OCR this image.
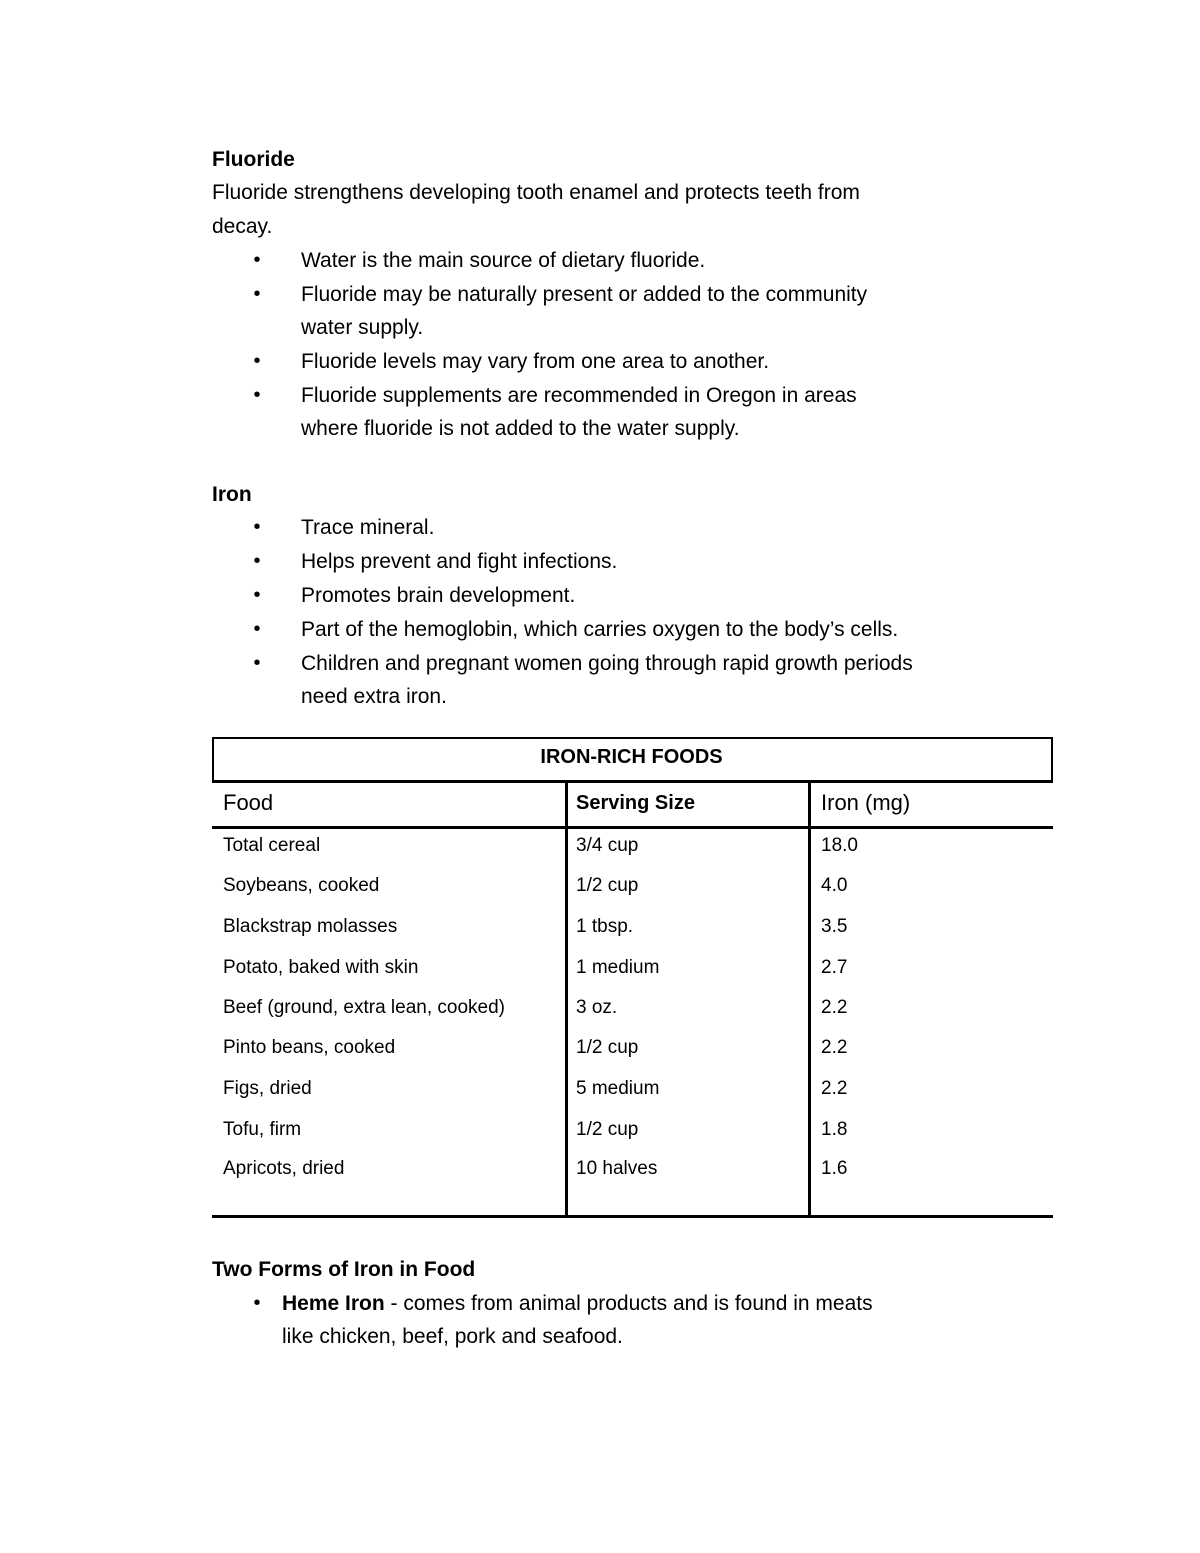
Fluoride
Fluoride strengthens developing tooth enamel and protects teeth from
decay.
• Water is the main source of dietary fluoride.
• Fluoride may be naturally present or added to the community
water supply.
• Fluoride levels may vary from one area to another.
• Fluoride supplements are recommended in Oregon in areas
where fluoride is not added to the water supply.
Iron
• Trace mineral.
• Helps prevent and fight infections.
• Promotes brain development.
• Part of the hemoglobin, which carries oxygen to the body’s cells.
• Children and pregnant women going through rapid growth periods
need extra iron.
IRON-RICH FOODS
Food	Serving Size	Iron (mg)
Total cereal	3/4 cup	18.0
Soybeans, cooked	1/2 cup	4.0
Blackstrap molasses	1 tbsp.	3.5
Potato, baked with skin	1 medium	2.7
Beef (ground, extra lean, cooked)	3 oz.	2.2
Pinto beans, cooked	1/2 cup	2.2
Figs, dried	5 medium	2.2
Tofu, firm	1/2 cup	1.8
Apricots, dried	10 halves	1.6
Two Forms of Iron in Food
• Heme Iron - comes from animal products and is found in meats
like chicken, beef, pork and seafood.
